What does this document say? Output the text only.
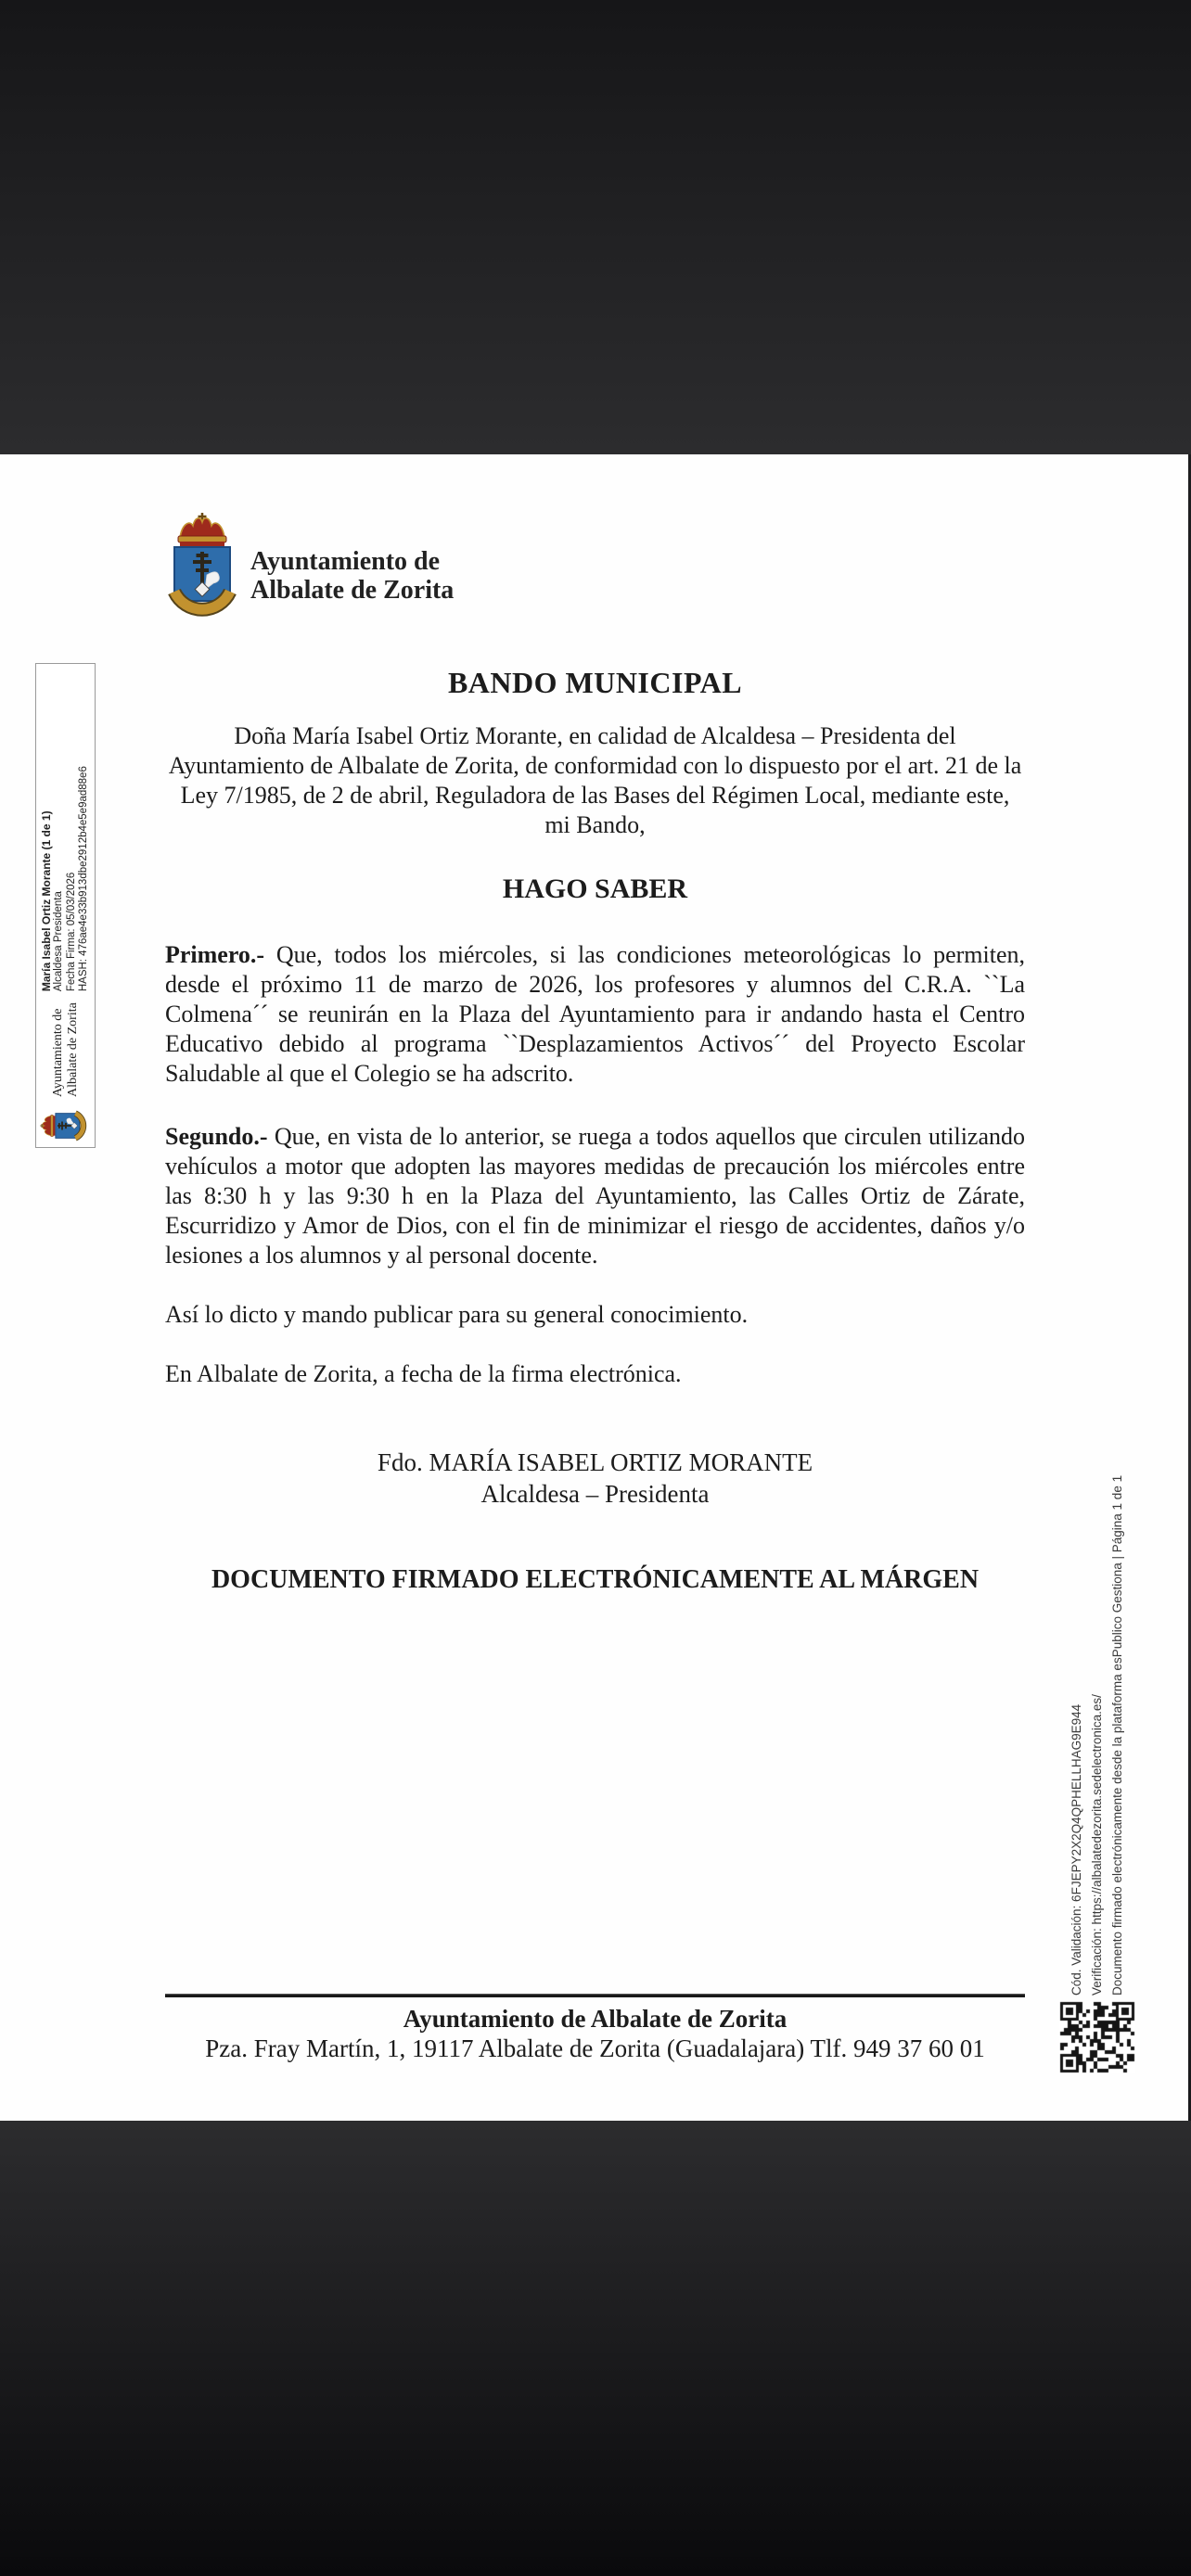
Ayuntamiento de
Albalate de Zorita
BANDO MUNICIPAL

Doña María Isabel Ortiz Morante, en calidad de Alcaldesa – Presidenta del Ayuntamiento de Albalate de Zorita, de conformidad con lo dispuesto por el art. 21 de la Ley 7/1985, de 2 de abril, Reguladora de las Bases del Régimen Local, mediante este, mi Bando,

HAGO SABER

Primero.- Que, todos los miércoles, si las condiciones meteorológicas lo permiten, desde el próximo 11 de marzo de 2026, los profesores y alumnos del C.R.A. ``La Colmena´´ se reunirán en la Plaza del Ayuntamiento para ir andando hasta el Centro Educativo debido al programa ``Desplazamientos Activos´´ del Proyecto Escolar Saludable al que el Colegio se ha adscrito.

Segundo.- Que, en vista de lo anterior, se ruega a todos aquellos que circulen utilizando vehículos a motor que adopten las mayores medidas de precaución los miércoles entre las 8:30 h y las 9:30 h en la Plaza del Ayuntamiento, las Calles Ortiz de Zárate, Escurridizo y Amor de Dios, con el fin de minimizar el riesgo de accidentes, daños y/o lesiones a los alumnos y al personal docente.

Así lo dicto y mando publicar para su general conocimiento.

En Albalate de Zorita, a fecha de la firma electrónica.

Fdo. MARÍA ISABEL ORTIZ MORANTE
Alcaldesa – Presidenta
DOCUMENTO FIRMADO ELECTRÓNICAMENTE AL MÁRGEN
Ayuntamiento de Albalate de Zorita
Pza. Fray Martín, 1, 19117 Albalate de Zorita (Guadalajara) Tlf. 949 37 60 01
Ayuntamiento de Albalate de Zorita
María Isabel Ortiz Morante (1 de 1) Alcaldesa Presidenta Fecha Firma: 05/03/2026 HASH: 476ae4e33b913dbe2912b4e5e9ad88e6
Cód. Validación: 6FJEPY2X2Q4QPHELLHAG9E944 Verificación: https://albalatedezorita.sedelectronica.es/ Documento firmado electrónicamente desde la plataforma esPublico Gestiona | Página 1 de 1
